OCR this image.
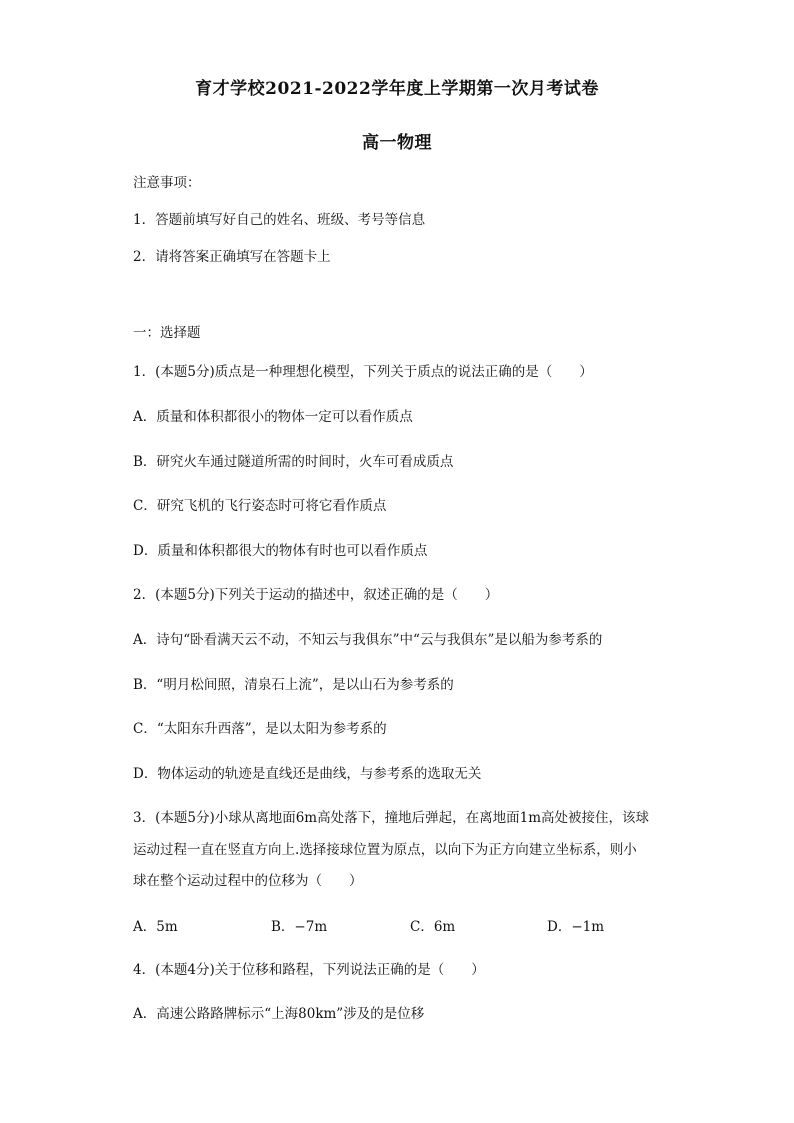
育才学校2021-2022学年度上学期第一次月考试卷
高一物理
注意事项：
1．答题前填写好自己的姓名、班级、考号等信息
2．请将答案正确填写在答题卡上
一：选择题
1．(本题5分)质点是一种理想化模型，下列关于质点的说法正确的是（　　）
A．质量和体积都很小的物体一定可以看作质点
B．研究火车通过隧道所需的时间时，火车可看成质点
C．研究飞机的飞行姿态时可将它看作质点
D．质量和体积都很大的物体有时也可以看作质点
2．(本题5分)下列关于运动的描述中，叙述正确的是（　　）
A．诗句“卧看满天云不动，不知云与我俱东”中“云与我俱东”是以船为参考系的
B．“明月松间照，清泉石上流”，是以山石为参考系的
C．“太阳东升西落”，是以太阳为参考系的
D．物体运动的轨迹是直线还是曲线，与参考系的选取无关
3．(本题5分)小球从离地面6m高处落下，撞地后弹起，在离地面1m高处被接住，该球
运动过程一直在竖直方向上.选择接球位置为原点，以向下为正方向建立坐标系，则小
球在整个运动过程中的位移为（　　）
A．5m	B．−7m	C．6m	D．−1m
4．(本题4分)关于位移和路程，下列说法正确的是（　　）
A．高速公路路牌标示“上海80km”涉及的是位移
